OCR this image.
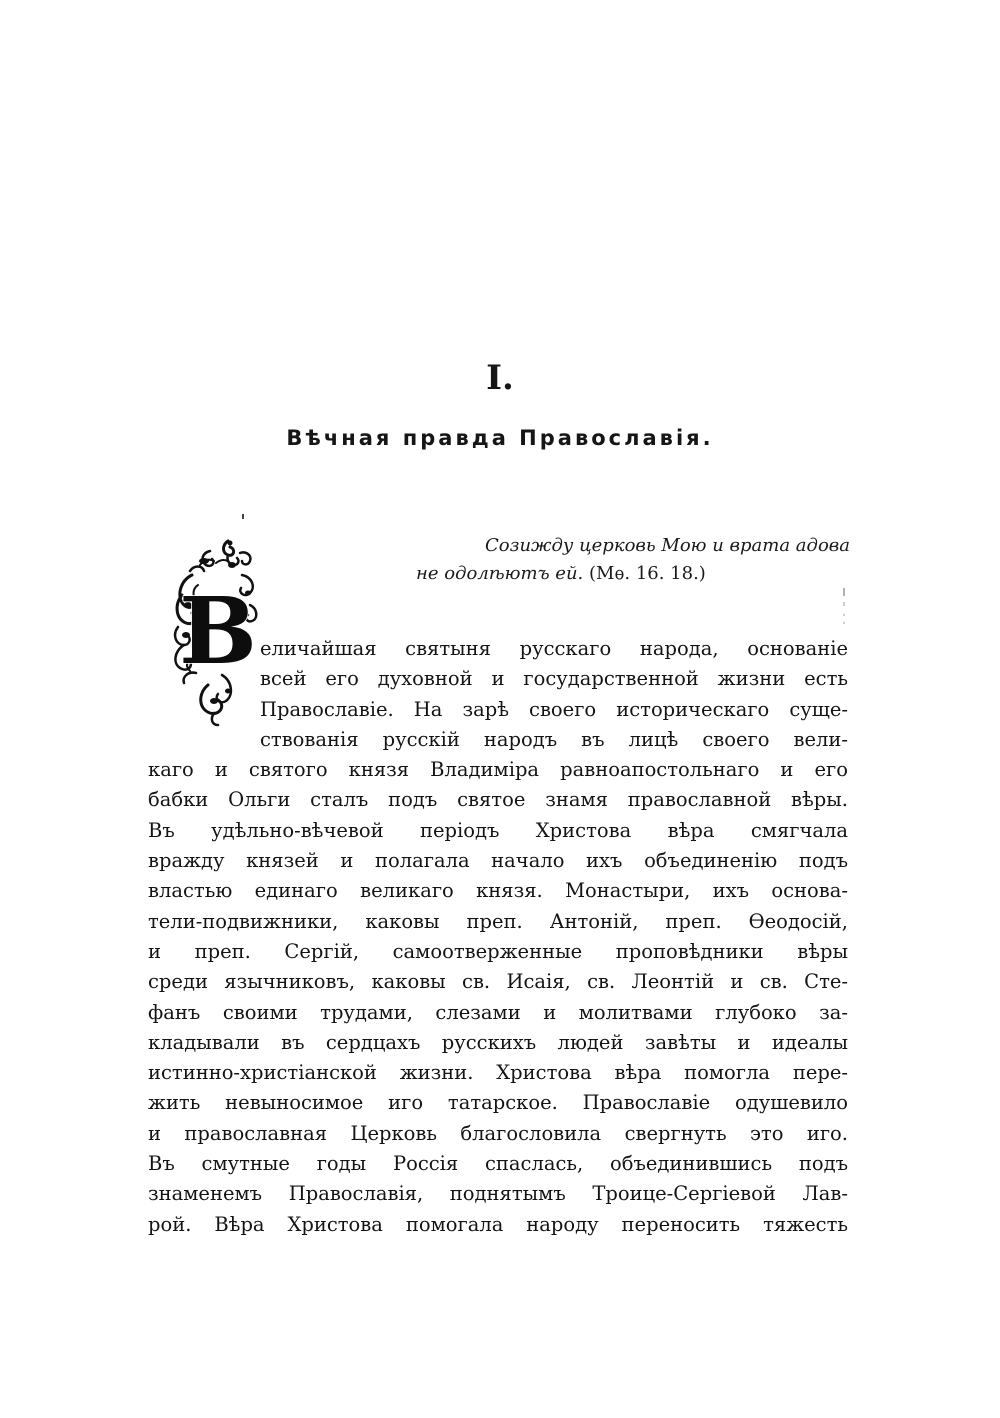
I.
Вѣчная правда Православія.
Созижду церковь Мою и врата адова
не одолѣютъ ей. (Мѳ. 16. 18.)
В еличайшая святыня русскаго народа, основаніе
всей его духовной и государственной жизни есть
Православіе. На зарѣ своего историческаго суще-
ствованія русскій народъ въ лицѣ своего вели-
каго и святого князя Владиміра равноапостольнаго и его
бабки Ольги сталъ подъ святое знамя православной вѣры.
Въ удѣльно-вѣчевой періодъ Христова вѣра смягчала
вражду князей и полагала начало ихъ объединенію подъ
властью единаго великаго князя. Монастыри, ихъ основа-
тели-подвижники, каковы преп. Антоній, преп. Ѳеодосій,
и преп. Сергій, самоотверженные проповѣдники вѣры
среди язычниковъ, каковы св. Исаія, св. Леонтій и св. Сте-
фанъ своими трудами, слезами и молитвами глубоко за-
кладывали въ сердцахъ русскихъ людей завѣты и идеалы
истинно-христіанской жизни. Христова вѣра помогла пере-
жить невыносимое иго татарское. Православіе одушевило
и православная Церковь благословила свергнуть это иго.
Въ смутные годы Россія спаслась, объединившись подъ
знаменемъ Православія, поднятымъ Троице-Сергіевой Лав-
рой. Вѣра Христова помогала народу переносить тяжесть
